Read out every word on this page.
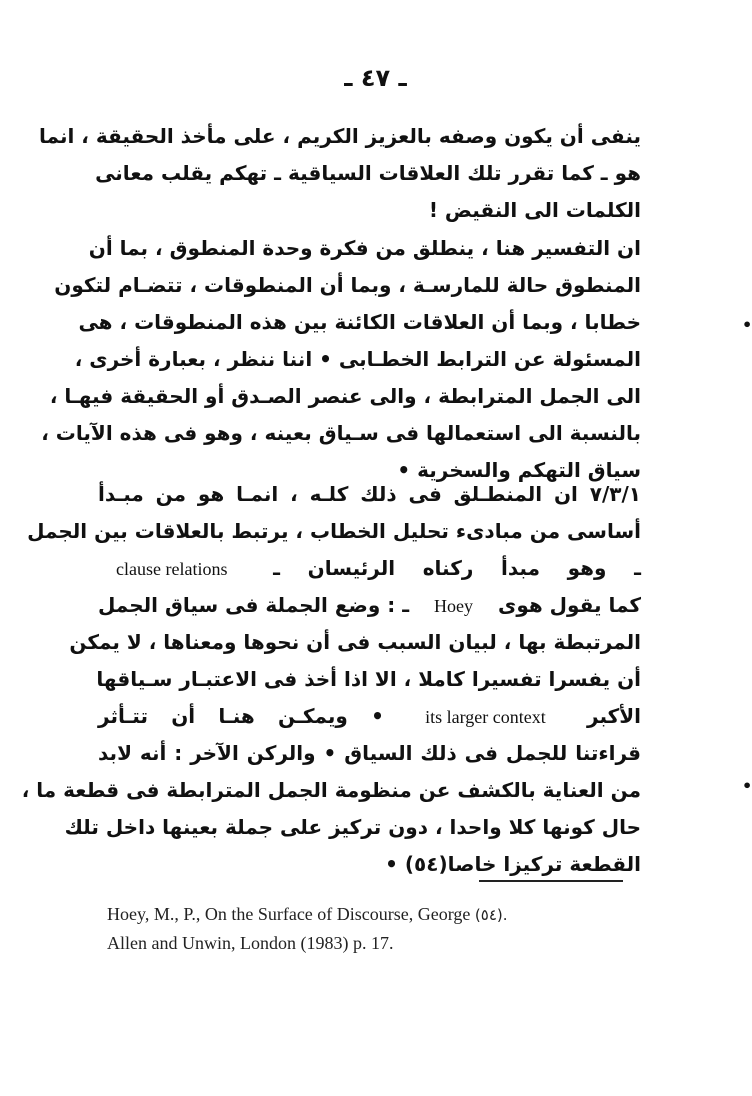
ـ ٤٧ ـ
ينفى أن يكون وصفه بالعزيز الكريم ، على مأخذ الحقيقة ، انما
هو ـ كما تقرر تلك العلاقات السياقية ـ تهكم يقلب معانى
الكلمات الى النقيض !
ان التفسير هنا ، ينطلق من فكرة وحدة المنطوق ، بما أن
المنطوق حالة للمارسـة ، وبما أن المنطوقات ، تتضـام لتكون
خطابا ، وبما أن العلاقات الكائنة بين هذه المنطوقات ، هى
المسئولة عن الترابط الخطـابى • اننا ننظر ، بعبارة أخرى ،
الى الجمل المترابطة ، والى عنصر الصـدق أو الحقيقة فيهـا ،
بالنسبة الى استعمالها فى سـياق بعينه ، وهو فى هذه الآيات ،
سياق التهكم والسخرية •
٧/٣/١ ان المنطـلق فى ذلك كلـه ، انمـا هو من مبـدأ
أساسى من مبادىء تحليل الخطاب ، يرتبط بالعلاقات بين الجمل
ـ وهو مبدأ ركناه الرئيسان ـ clause relations
كما يقول هوى Hoey ـ : وضع الجملة فى سياق الجمل
المرتبطة بها ، لبيان السبب فى أن نحوها ومعناها ، لا يمكن
أن يفسرا تفسيرا كاملا ، الا اذا أخذ فى الاعتبـار سـياقها
الأكبر its larger context • ويمكـن هنـا أن تتـأثر
قراءتنا للجمل فى ذلك السياق • والركن الآخر : أنه لابد
من العناية بالكشف عن منظومة الجمل المترابطة فى قطعة ما ،
حال كونها كلا واحدا ، دون تركيز على جملة بعينها داخل تلك
القطعة تركيزا خاصا(٥٤) •
Hoey, M., P., On the Surface of Discourse, George (٥٤).
Allen and Unwin, London (1983) p. 17.
•
•
